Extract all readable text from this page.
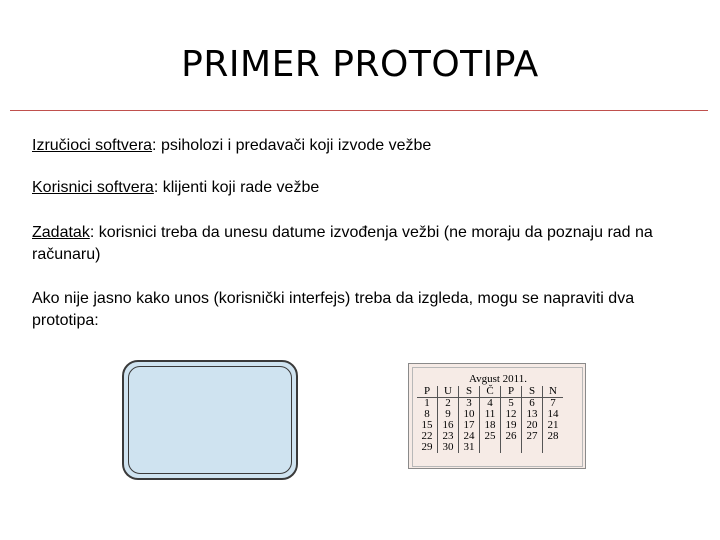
PRIMER PROTOTIPA
Izručioci softvera: psiholozi i predavači koji izvode vežbe
Korisnici softvera: klijenti koji rade vežbe
Zadatak: korisnici treba da unesu datume izvođenja vežbi (ne moraju da poznaju rad na računaru)
Ako nije jasno kako unos (korisnički interfejs) treba da izgleda, mogu se napraviti dva prototipa:
Avgust 2011.
P	U	S	Č	P	S	N
1	2	3	4	5	6	7
8	9	10	11	12	13	14
15	16	17	18	19	20	21
22	23	24	25	26	27	28
29	30	31				
